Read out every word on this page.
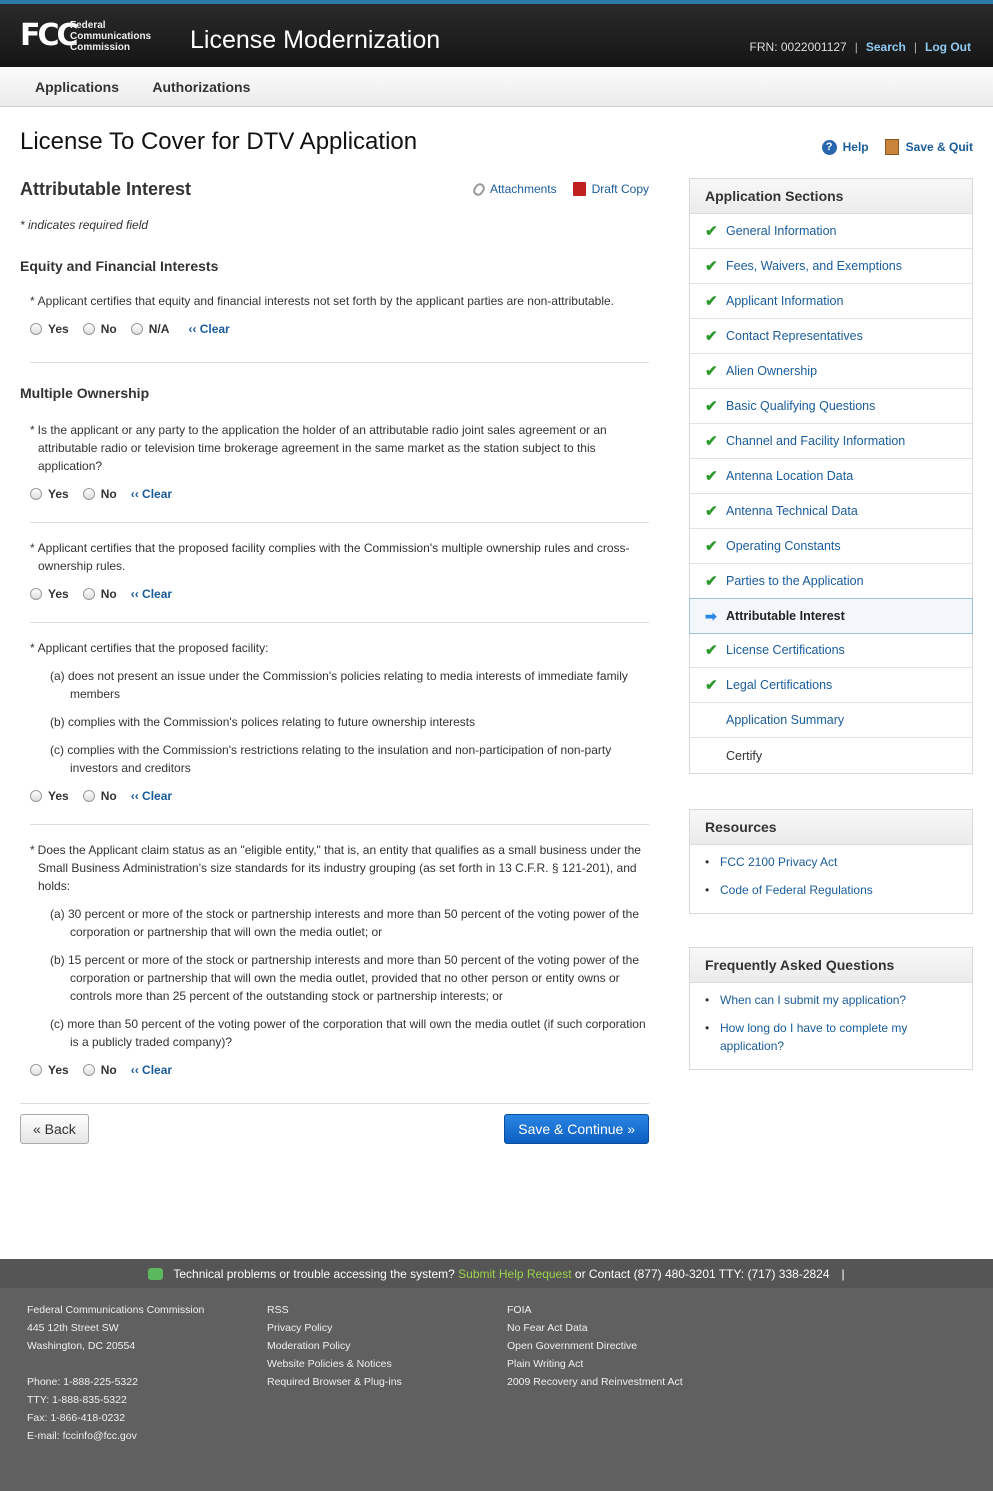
FCC
Federal
Communications
Commission	License Modernization	FRN: 0022001127 | Search | Log Out
Applications Authorizations
License To Cover for DTV Application	? Help	Save & Quit
Attributable Interest	Attachments	Draft Copy
* indicates required field
Equity and Financial Interests
* Applicant certifies that equity and financial interests not set forth by the applicant parties are non-attributable.
Yes	No	N/A ‹‹ Clear
Multiple Ownership
* Is the applicant or any party to the application the holder of an attributable radio joint sales agreement or an attributable radio or television time brokerage agreement in the same market as the station subject to this application?
Yes	No ‹‹ Clear
* Applicant certifies that the proposed facility complies with the Commission's multiple ownership rules and cross-ownership rules.
Yes	No ‹‹ Clear
* Applicant certifies that the proposed facility:
(a) does not present an issue under the Commission's policies relating to media interests of immediate family members
(b) complies with the Commission's polices relating to future ownership interests
(c) complies with the Commission's restrictions relating to the insulation and non-participation of non-party investors and creditors
Yes	No ‹‹ Clear
* Does the Applicant claim status as an "eligible entity," that is, an entity that qualifies as a small business under the Small Business Administration's size standards for its industry grouping (as set forth in 13 C.F.R. § 121-201), and holds:
(a) 30 percent or more of the stock or partnership interests and more than 50 percent of the voting power of the corporation or partnership that will own the media outlet; or
(b) 15 percent or more of the stock or partnership interests and more than 50 percent of the voting power of the corporation or partnership that will own the media outlet, provided that no other person or entity owns or controls more than 25 percent of the outstanding stock or partnership interests; or
(c) more than 50 percent of the voting power of the corporation that will own the media outlet (if such corporation is a publicly traded company)?
Yes	No ‹‹ Clear
« Back	Save & Continue »
Application Sections
✔ General Information
✔ Fees, Waivers, and Exemptions
✔ Applicant Information
✔ Contact Representatives
✔ Alien Ownership
✔ Basic Qualifying Questions
✔ Channel and Facility Information
✔ Antenna Location Data
✔ Antenna Technical Data
✔ Operating Constants
✔ Parties to the Application
➡ Attributable Interest
✔ License Certifications
✔ Legal Certifications
Application Summary
Certify
Resources
• FCC 2100 Privacy Act
• Code of Federal Regulations
Frequently Asked Questions
• When can I submit my application?
• How long do I have to complete my application?
Technical problems or trouble accessing the system?
Submit Help Request
or Contact (877) 480-3201 TTY: (717) 338-2824 |
Federal Communications Commission
445 12th Street SW
Washington, DC 20554
Phone: 1-888-225-5322
TTY: 1-888-835-5322
Fax: 1-866-418-0232
E-mail: fccinfo@fcc.gov
RSS
Privacy Policy
Moderation Policy
Website Policies & Notices
Required Browser & Plug-ins
FOIA
No Fear Act Data
Open Government Directive
Plain Writing Act
2009 Recovery and Reinvestment Act
